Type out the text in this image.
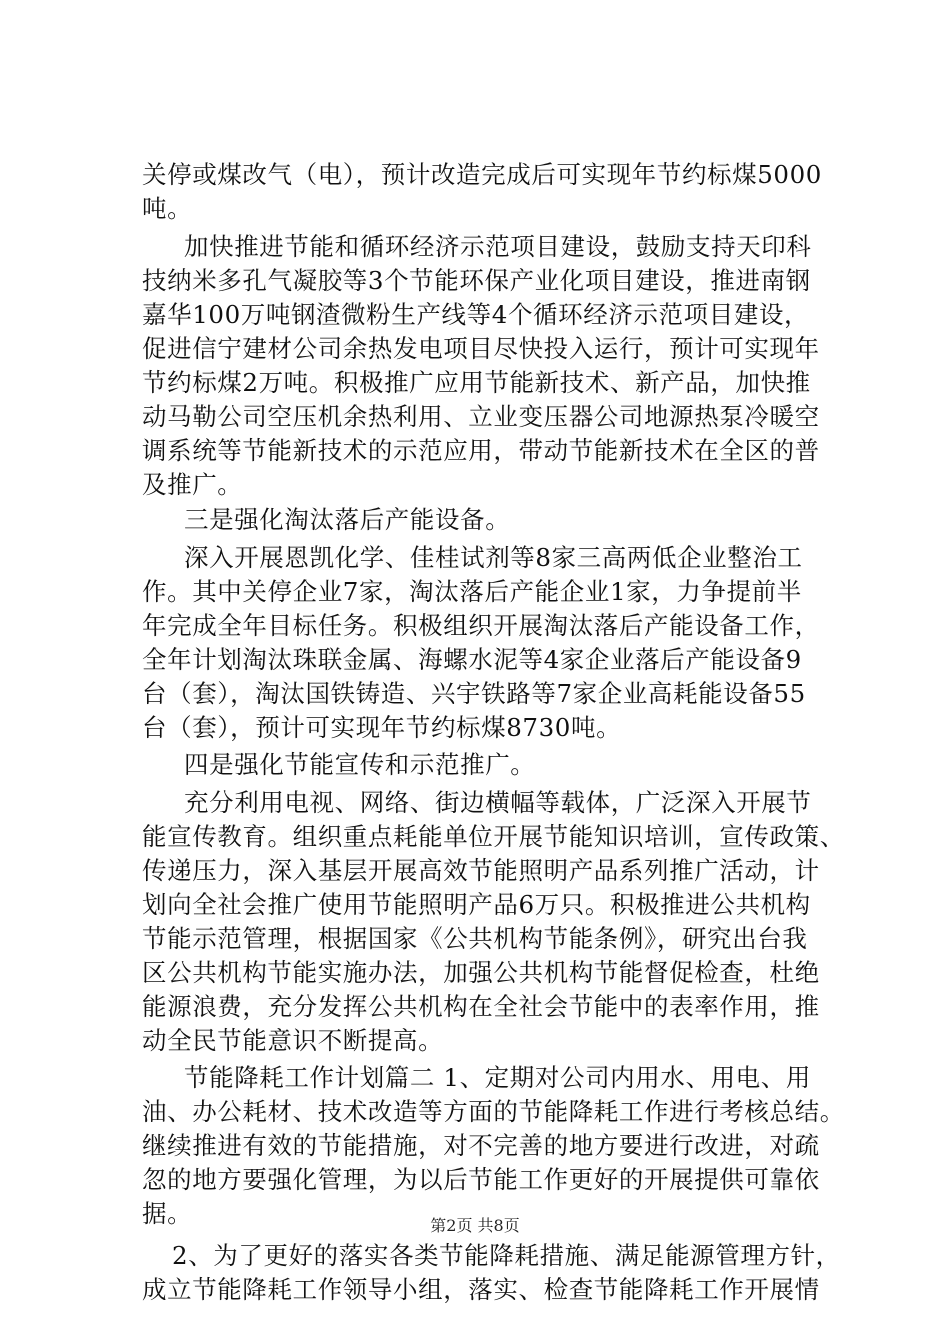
关停或煤改气（电），预计改造完成后可实现年节约标煤5000
吨。
加快推进节能和循环经济示范项目建设，鼓励支持天印科
技纳米多孔气凝胶等3个节能环保产业化项目建设，推进南钢
嘉华100万吨钢渣微粉生产线等4个循环经济示范项目建设，
促进信宁建材公司余热发电项目尽快投入运行，预计可实现年
节约标煤2万吨。积极推广应用节能新技术、新产品，加快推
动马勒公司空压机余热利用、立业变压器公司地源热泵冷暖空
调系统等节能新技术的示范应用，带动节能新技术在全区的普
及推广。
三是强化淘汰落后产能设备。
深入开展恩凯化学、佳桂试剂等8家三高两低企业整治工
作。其中关停企业7家，淘汰落后产能企业1家，力争提前半
年完成全年目标任务。积极组织开展淘汰落后产能设备工作，
全年计划淘汰珠联金属、海螺水泥等4家企业落后产能设备9
台（套），淘汰国铁铸造、兴宇铁路等7家企业高耗能设备55
台（套），预计可实现年节约标煤8730吨。
四是强化节能宣传和示范推广。
充分利用电视、网络、街边横幅等载体，广泛深入开展节
能宣传教育。组织重点耗能单位开展节能知识培训，宣传政策、
传递压力，深入基层开展高效节能照明产品系列推广活动，计
划向全社会推广使用节能照明产品6万只。积极推进公共机构
节能示范管理，根据国家《公共机构节能条例》，研究出台我
区公共机构节能实施办法，加强公共机构节能督促检查，杜绝
能源浪费，充分发挥公共机构在全社会节能中的表率作用，推
动全民节能意识不断提高。
节能降耗工作计划篇二 1、定期对公司内用水、用电、用
油、办公耗材、技术改造等方面的节能降耗工作进行考核总结。
继续推进有效的节能措施，对不完善的地方要进行改进，对疏
忽的地方要强化管理，为以后节能工作更好的开展提供可靠依
据。
2、为了更好的落实各类节能降耗措施、满足能源管理方针，
成立节能降耗工作领导小组，落实、检查节能降耗工作开展情
第2页 共8页
